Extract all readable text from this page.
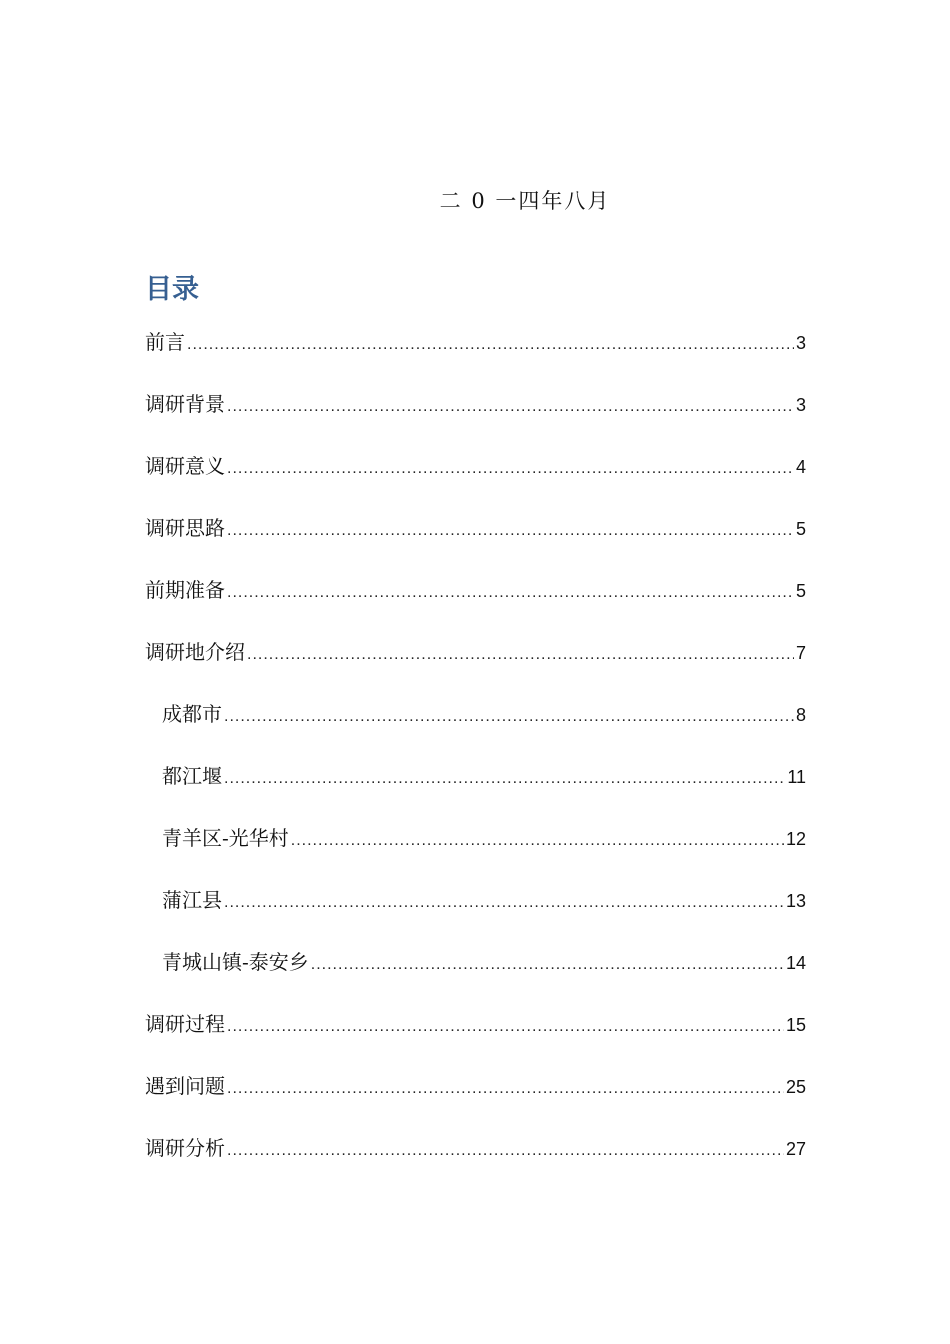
二 0 一四年八月
目录
前言 .....	3
调研背景 .....	3
调研意义 .....	4
调研思路 .....	5
前期准备 .....	5
调研地介绍 .....	7
成都市 .....	8
都江堰 .....	11
青羊区-光华村 .....	12
蒲江县 .....	13
青城山镇-泰安乡 .....	14
调研过程 .....	15
遇到问题 .....	25
调研分析 .....	27
